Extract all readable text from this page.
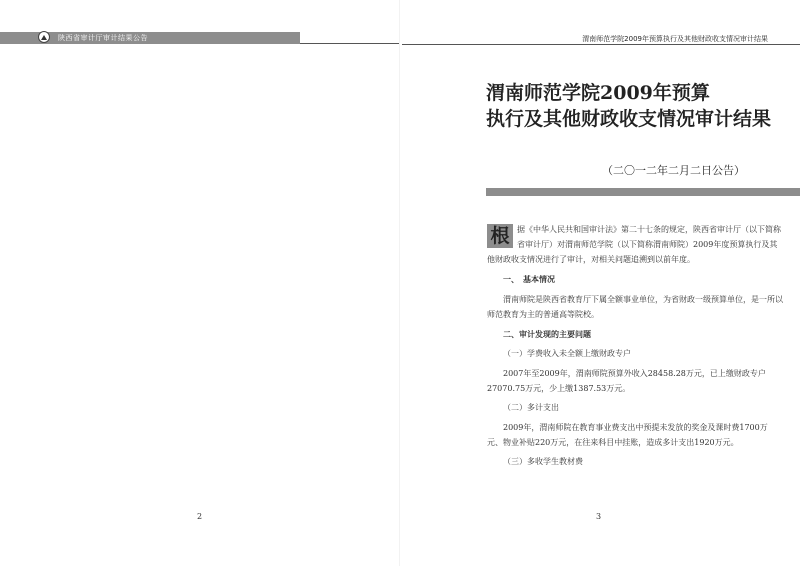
陕西省审计厅审计结果公告
2
渭南师范学院2009年预算执行及其他财政收支情况审计结果
渭南师范学院2009年预算
执行及其他财政收支情况审计结果
（二〇一二年二月二日公告）

根 据《中华人民共和国审计法》第二十七条的规定，陕西省审计厅（以下简称省审计厅）对渭南师范学院（以下简称渭南师院）2009年度预算执行及其他财政收支情况进行了审计，对相关问题追溯到以前年度。

一、　基本情况

渭南师院是陕西省教育厅下属全额事业单位，为省财政一级预算单位，是一所以师范教育为主的普通高等院校。

二、审计发现的主要问题

（一）学费收入未全额上缴财政专户

2007年至2009年，渭南师院预算外收入28458.28万元，已上缴财政专户27070.75万元，少上缴1387.53万元。

（二）多计支出

2009年，渭南师院在教育事业费支出中预提未发放的奖金及课时费1700万元、物业补贴220万元，在往来科目中挂账，造成多计支出1920万元。

（三）多收学生教材费

3
